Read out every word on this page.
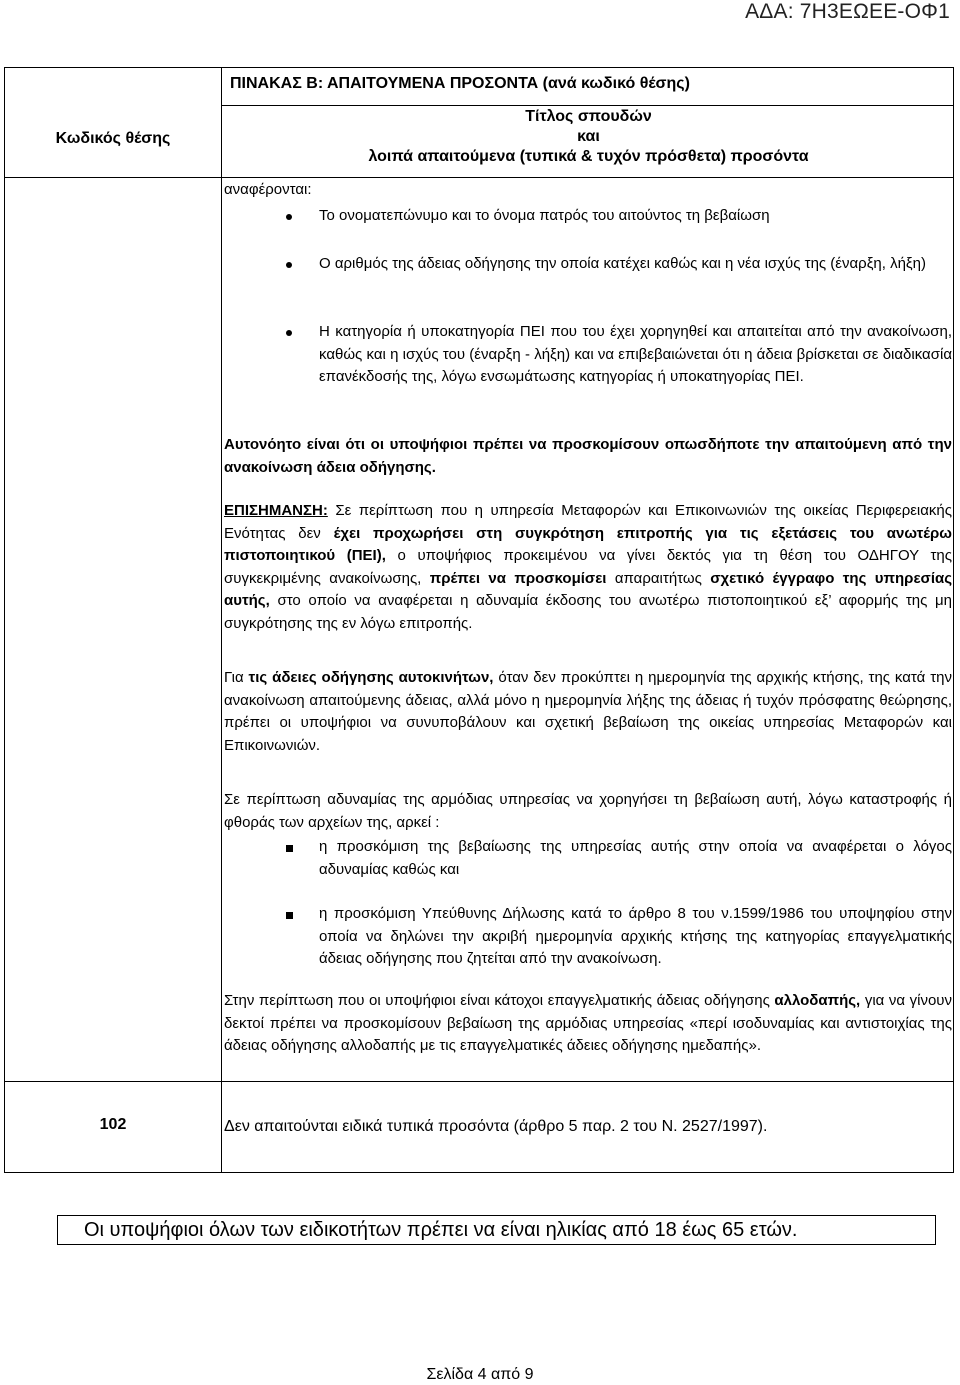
ΑΔΑ: 7Η3ΕΩΕΕ-ΟΦ1
ΠΙΝΑΚΑΣ Β: ΑΠΑΙΤΟΥΜΕΝΑ ΠΡΟΣΟΝΤΑ (ανά κωδικό θέσης)
Κωδικός θέσης
Τίτλος σπουδών
και
λοιπά απαιτούμενα (τυπικά & τυχόν πρόσθετα) προσόντα
αναφέρονται:
Το ονοματεπώνυμο και το όνομα πατρός του αιτούντος τη βεβαίωση
Ο αριθμός της άδειας οδήγησης την οποία κατέχει καθώς και η νέα ισχύς της (έναρξη, λήξη)
Η κατηγορία ή υποκατηγορία ΠΕΙ που του έχει χορηγηθεί και απαιτείται από την ανακοίνωση, καθώς και η ισχύς του (έναρξη - λήξη) και να επιβεβαιώνεται ότι η άδεια βρίσκεται σε διαδικασία επανέκδοσής της, λόγω ενσωμάτωσης κατηγορίας ή υποκατηγορίας ΠΕΙ.
Αυτονόητο είναι ότι οι υποψήφιοι πρέπει να προσκομίσουν οπωσδήποτε την απαιτούμενη από την ανακοίνωση άδεια οδήγησης.
ΕΠΙΣΗΜΑΝΣΗ: Σε περίπτωση που η υπηρεσία Μεταφορών και Επικοινωνιών της οικείας Περιφερειακής Ενότητας δεν έχει προχωρήσει στη συγκρότηση επιτροπής για τις εξετάσεις του ανωτέρω πιστοποιητικού (ΠΕΙ), ο υποψήφιος προκειμένου να γίνει δεκτός για τη θέση του ΟΔΗΓΟΥ της συγκεκριμένης ανακοίνωσης, πρέπει να προσκομίσει απαραιτήτως σχετικό έγγραφο της υπηρεσίας αυτής, στο οποίο να αναφέρεται η αδυναμία έκδοσης του ανωτέρω πιστοποιητικού εξ’ αφορμής της μη συγκρότησης της εν λόγω επιτροπής.
Για τις άδειες οδήγησης αυτοκινήτων, όταν δεν προκύπτει η ημερομηνία της αρχικής κτήσης, της κατά την ανακοίνωση απαιτούμενης άδειας, αλλά μόνο η ημερομηνία λήξης της άδειας ή τυχόν πρόσφατης θεώρησης, πρέπει οι υποψήφιοι να συνυποβάλουν και σχετική βεβαίωση της οικείας υπηρεσίας Μεταφορών και Επικοινωνιών.
Σε περίπτωση αδυναμίας της αρμόδιας υπηρεσίας να χορηγήσει τη βεβαίωση αυτή, λόγω καταστροφής ή φθοράς των αρχείων της, αρκεί :
η προσκόμιση της βεβαίωσης της υπηρεσίας αυτής στην οποία να αναφέρεται ο λόγος αδυναμίας καθώς και
η προσκόμιση Υπεύθυνης Δήλωσης κατά το άρθρο 8 του ν.1599/1986 του υποψηφίου στην οποία να δηλώνει την ακριβή ημερομηνία αρχικής κτήσης της κατηγορίας επαγγελματικής άδειας οδήγησης που ζητείται από την ανακοίνωση.
Στην περίπτωση που οι υποψήφιοι είναι κάτοχοι επαγγελματικής άδειας οδήγησης αλλοδαπής, για να γίνουν δεκτοί πρέπει να προσκομίσουν βεβαίωση της αρμόδιας υπηρεσίας «περί ισοδυναμίας και αντιστοιχίας της άδειας οδήγησης αλλοδαπής με τις επαγγελματικές άδειες οδήγησης ημεδαπής».
102	Δεν απαιτούνται ειδικά τυπικά προσόντα (άρθρο 5 παρ. 2 του Ν. 2527/1997).
Οι υποψήφιοι όλων των ειδικοτήτων πρέπει να είναι ηλικίας από 18 έως 65 ετών.
Σελίδα 4 από 9
